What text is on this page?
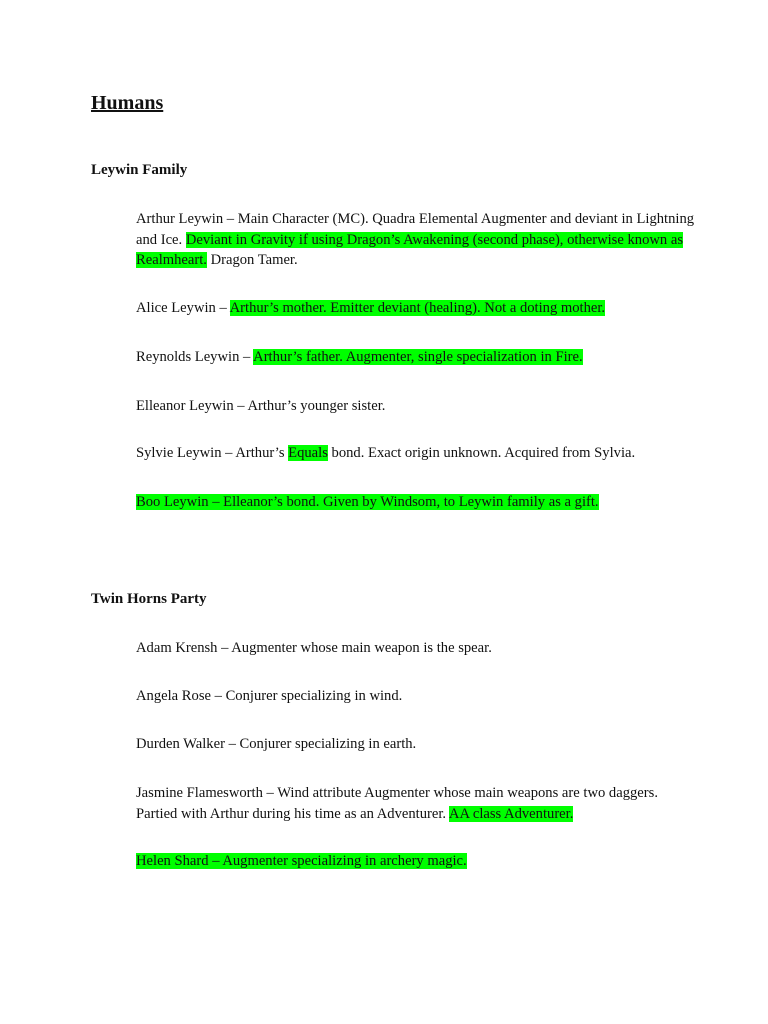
Humans
Leywin Family

Arthur Leywin – Main Character (MC). Quadra Elemental Augmenter and deviant in Lightning and Ice. Deviant in Gravity if using Dragon’s Awakening (second phase), otherwise known as Realmheart. Dragon Tamer.

Alice Leywin – Arthur’s mother. Emitter deviant (healing). Not a doting mother.

Reynolds Leywin – Arthur’s father. Augmenter, single specialization in Fire.

Elleanor Leywin – Arthur’s younger sister.

Sylvie Leywin – Arthur’s Equals bond. Exact origin unknown. Acquired from Sylvia.

Boo Leywin – Elleanor’s bond. Given by Windsom, to Leywin family as a gift.

Twin Horns Party

Adam Krensh – Augmenter whose main weapon is the spear.

Angela Rose – Conjurer specializing in wind.

Durden Walker – Conjurer specializing in earth.

Jasmine Flamesworth – Wind attribute Augmenter whose main weapons are two daggers. Partied with Arthur during his time as an Adventurer. AA class Adventurer.

Helen Shard – Augmenter specializing in archery magic.
